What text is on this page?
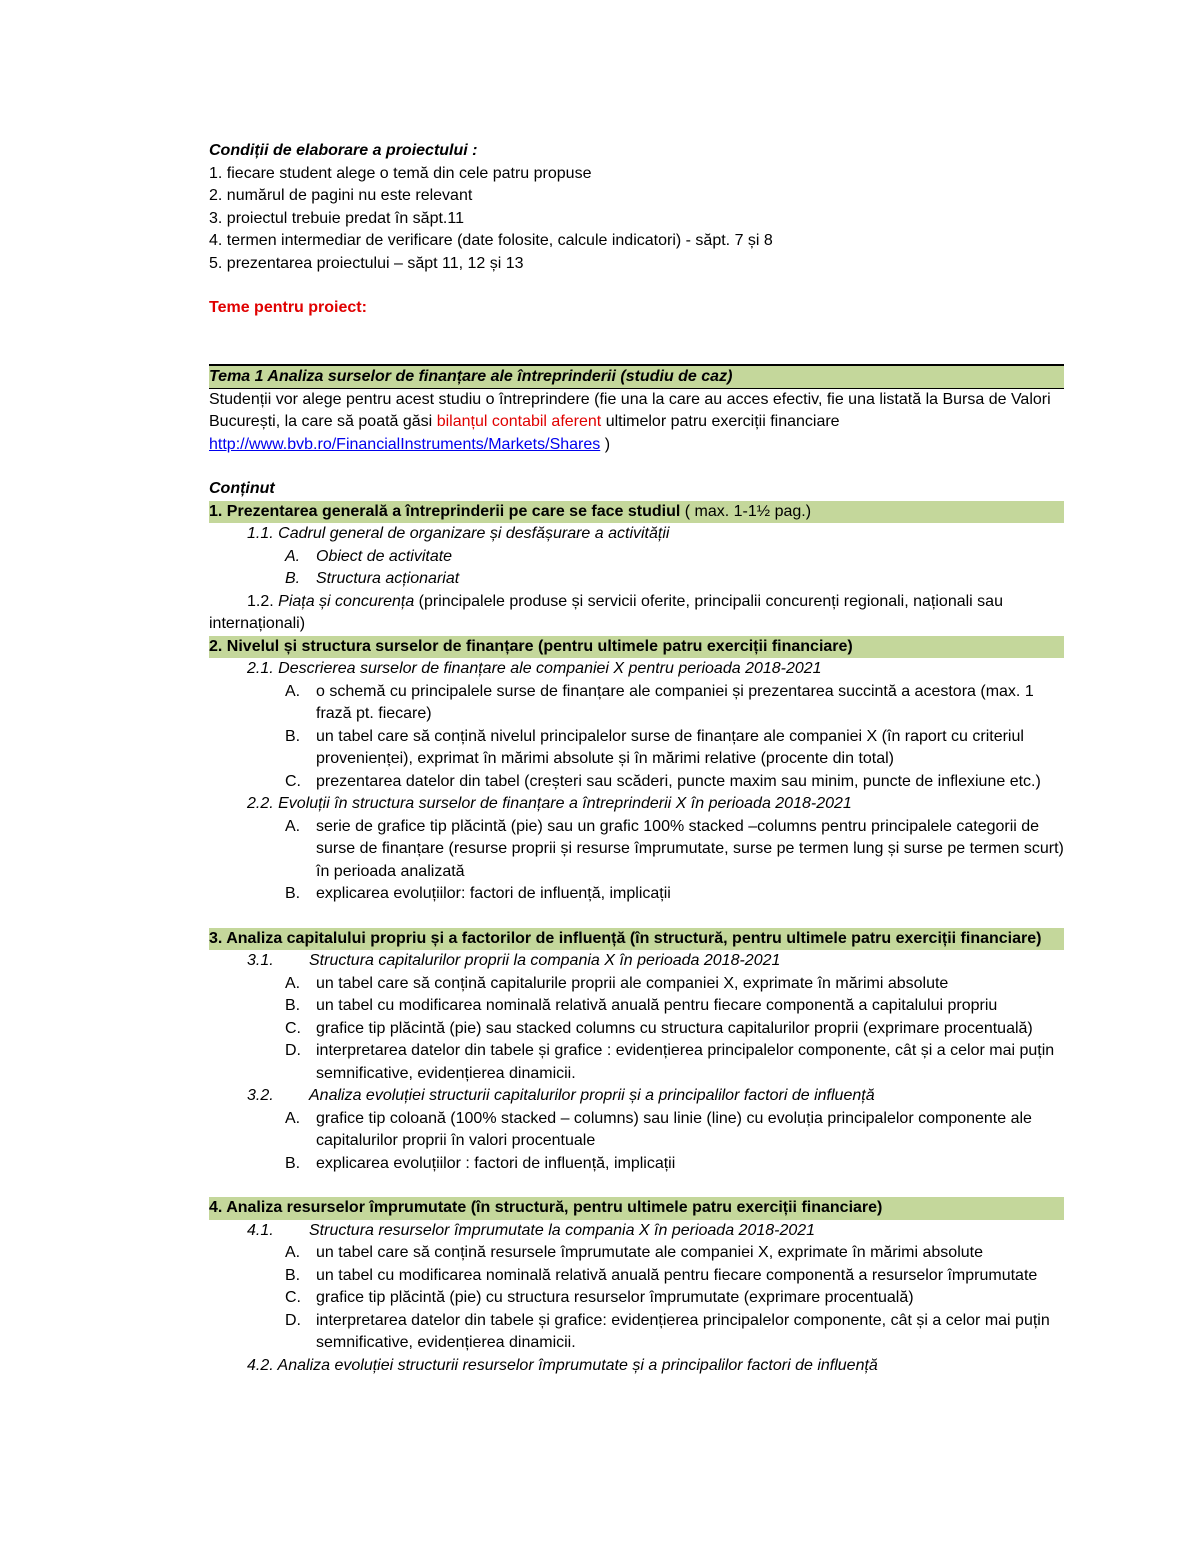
Condiții de elaborare a proiectului :
1. fiecare student alege o temă din cele patru propuse
2. numărul de pagini nu este relevant
3. proiectul trebuie predat în săpt.11
4. termen intermediar de verificare (date folosite, calcule indicatori) - săpt. 7 și 8
5. prezentarea proiectului – săpt 11, 12 și 13
Teme pentru proiect:
Tema 1 Analiza surselor de finanțare ale întreprinderii (studiu de caz)
Studenții vor alege pentru acest studiu o întreprindere (fie una la care au acces efectiv, fie una listată la Bursa de Valori București, la care să poată găsi bilanțul contabil aferent ultimelor patru exerciții financiare
http://www.bvb.ro/FinancialInstruments/Markets/Shares )
Conținut
1. Prezentarea generală a întreprinderii pe care se face studiul ( max. 1-1½ pag.)
1.1. Cadrul general de organizare și desfășurare a activității
A. Obiect de activitate
B. Structura acționariat
1.2. Piața și concurența (principalele produse și servicii oferite, principalii concurenți regionali, naționali sau
internaționali)
2. Nivelul și structura surselor de finanțare (pentru ultimele patru exerciții financiare)
2.1. Descrierea surselor de finanțare ale companiei X pentru perioada 2018-2021
A. o schemă cu principalele surse de finanțare ale companiei și prezentarea succintă a acestora (max. 1 frază pt. fiecare)
B. un tabel care să conțină nivelul principalelor surse de finanțare ale companiei X (în raport cu criteriul provenienței), exprimat în mărimi absolute și în mărimi relative (procente din total)
C. prezentarea datelor din tabel (creșteri sau scăderi, puncte maxim sau minim, puncte de inflexiune etc.)
2.2. Evoluții în structura surselor de finanțare a întreprinderii X în perioada 2018-2021
A. serie de grafice tip plăcintă (pie) sau un grafic 100% stacked –columns pentru principalele categorii de surse de finanțare (resurse proprii și resurse împrumutate, surse pe termen lung și surse pe termen scurt) în perioada analizată
B. explicarea evoluțiilor: factori de influență, implicații
3. Analiza capitalului propriu și a factorilor de influență (în structură, pentru ultimele patru exerciții financiare)
3.1. Structura capitalurilor proprii la compania X în perioada 2018-2021
A. un tabel care să conțină capitalurile proprii ale companiei X, exprimate în mărimi absolute
B. un tabel cu modificarea nominală relativă anuală pentru fiecare componentă a capitalului propriu
C. grafice tip plăcintă (pie) sau stacked columns cu structura capitalurilor proprii (exprimare procentuală)
D. interpretarea datelor din tabele și grafice : evidențierea principalelor componente, cât și a celor mai puțin semnificative, evidențierea dinamicii.
3.2. Analiza evoluției structurii capitalurilor proprii și a principalilor factori de influență
A. grafice tip coloană (100% stacked – columns) sau linie (line) cu evoluția principalelor componente ale capitalurilor proprii în valori procentuale
B. explicarea evoluțiilor : factori de influență, implicații
4. Analiza resurselor împrumutate (în structură, pentru ultimele patru exerciții financiare)
4.1. Structura resurselor împrumutate la compania X în perioada 2018-2021
A. un tabel care să conțină resursele împrumutate ale companiei X, exprimate în mărimi absolute
B. un tabel cu modificarea nominală relativă anuală pentru fiecare componentă a resurselor împrumutate
C. grafice tip plăcintă (pie) cu structura resurselor împrumutate (exprimare procentuală)
D. interpretarea datelor din tabele și grafice: evidențierea principalelor componente, cât și a celor mai puțin semnificative, evidențierea dinamicii.
4.2. Analiza evoluției structurii resurselor împrumutate și a principalilor factori de influență
